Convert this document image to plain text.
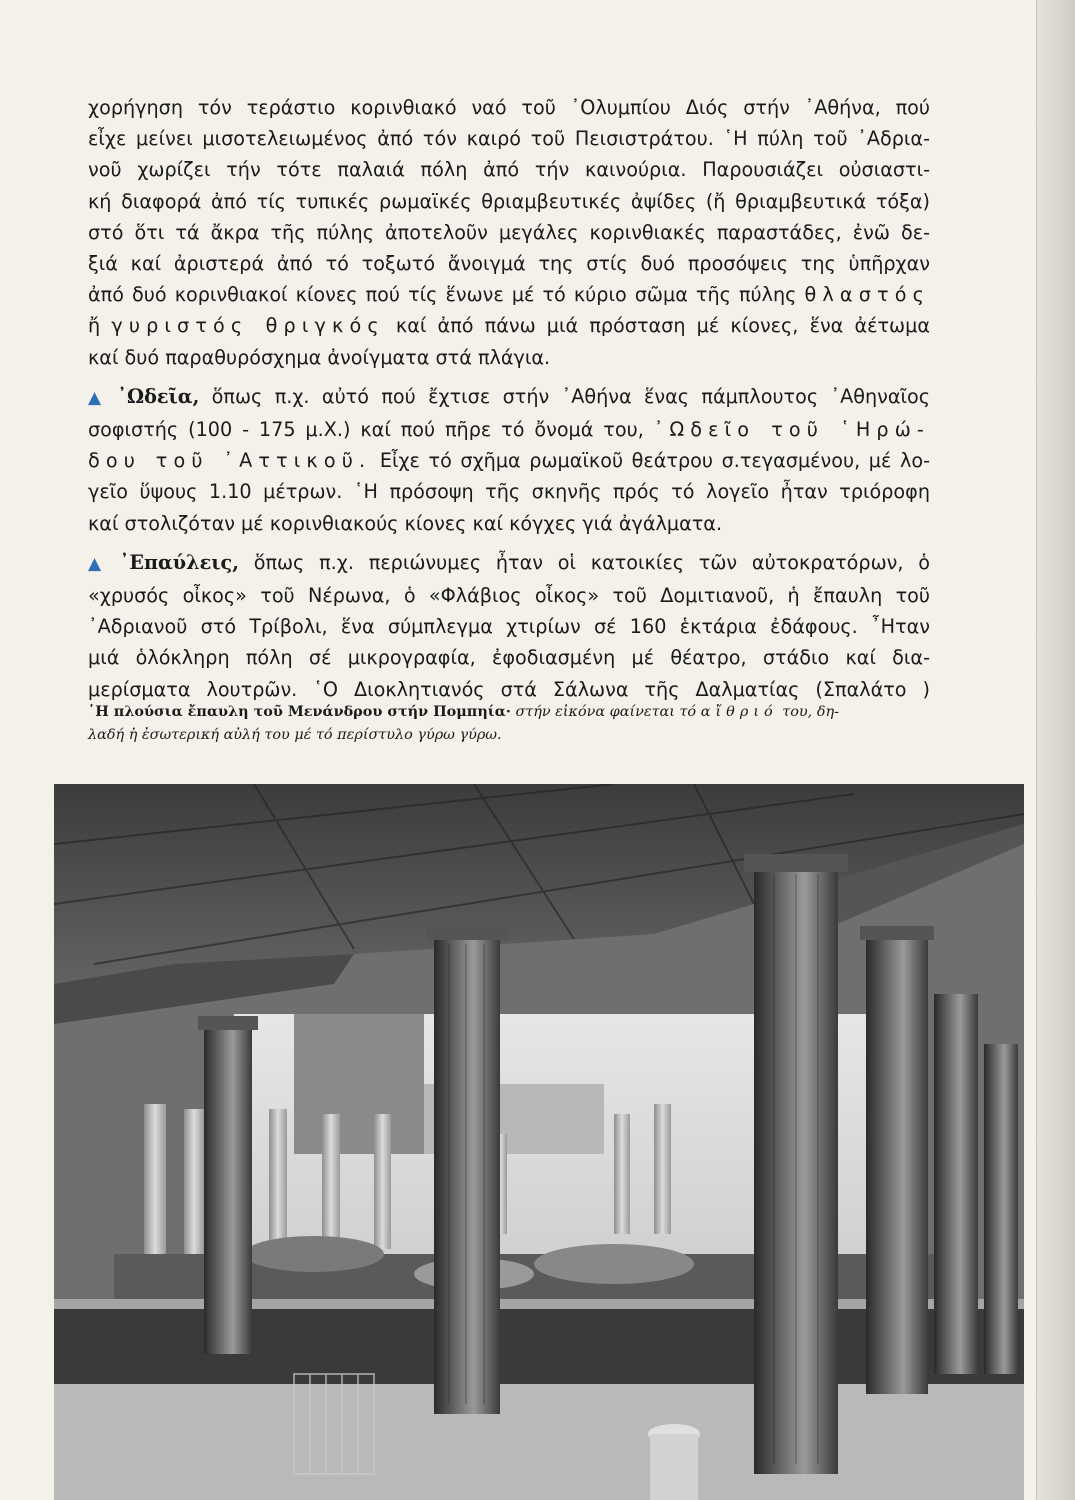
χορήγηση τόν τεράστιο κορινθιακό ναό τοῦ ᾿Ολυμπίου Διός στήν ᾿Αθήνα, πού
εἶχε μείνει μισοτελειωμένος ἀπό τόν καιρό τοῦ Πεισιστράτου. ῾Η πύλη τοῦ ᾿Αδρια-
νοῦ χωρίζει τήν τότε παλαιά πόλη ἀπό τήν καινούρια. Παρουσιάζει οὐσιαστι-
κή διαφορά ἀπό τίς τυπικές ρωμαϊκές θριαμβευτικές ἀψίδες (ἤ θριαμβευτικά τόξα)
στό ὅτι τά ἄκρα τῆς πύλης ἀποτελοῦν μεγάλες κορινθιακές παραστάδες, ἐνῶ δε-
ξιά καί ἀριστερά ἀπό τό τοξωτό ἄνοιγμά της στίς δυό προσόψεις της ὑπῆρχαν
ἀπό δυό κορινθιακοί κίονες πού τίς ἕνωνε μέ τό κύριο σῶμα τῆς πύλης θλαστός
ἤ γυριστός θριγκός καί ἀπό πάνω μιά πρόσταση μέ κίονες, ἕνα ἀέτωμα
καί δυό παραθυρόσχημα ἀνοίγματα στά πλάγια.

▲ ᾿Ωδεῖα, ὅπως π.χ. αὐτό πού ἔχτισε στήν ᾿Αθήνα ἕνας πάμπλουτος ᾿Αθηναῖος
σοφιστής (100 - 175 μ.Χ.) καί πού πῆρε τό ὄνομά του, ᾿Ωδεῖο τοῦ ῾Ηρώ-
δου τοῦ ᾿Αττικοῦ. Εἶχε τό σχῆμα ρωμαϊκοῦ θεάτρου σ.τεγασμένου, μέ λο-
γεῖο ὕψους 1.10 μέτρων. ῾Η πρόσοψη τῆς σκηνῆς πρός τό λογεῖο ἦταν τριόροφη
καί στολιζόταν μέ κορινθιακούς κίονες καί κόγχες γιά ἀγάλματα.

▲ ᾿Επαύλεις, ὅπως π.χ. περιώνυμες ἦταν οἱ κατοικίες τῶν αὐτοκρατόρων, ὁ
«χρυσός οἶκος» τοῦ Νέρωνα, ὁ «Φλάβιος οἶκος» τοῦ Δομιτιανοῦ, ἡ ἔπαυλη τοῦ
᾿Αδριανοῦ στό Τρίβολι, ἕνα σύμπλεγμα χτιρίων σέ 160 ἑκτάρια ἐδάφους. ῏Ηταν
μιά ὁλόκληρη πόλη σέ μικρογραφία, ἐφοδιασμένη μέ θέατρο, στάδιο καί δια-
μερίσματα λουτρῶν. ῾Ο Διοκλητιανός στά Σάλωνα τῆς Δαλματίας (Σπαλάτο )

῾Η πλούσια ἔπαυλη τοῦ Μενάνδρου στήν Πομπηία· στήν εἰκόνα φαίνεται τό αἴθριό του, δη-
λαδή ἡ ἐσωτερική αὐλή του μέ τό περίστυλο γύρω γύρω.
